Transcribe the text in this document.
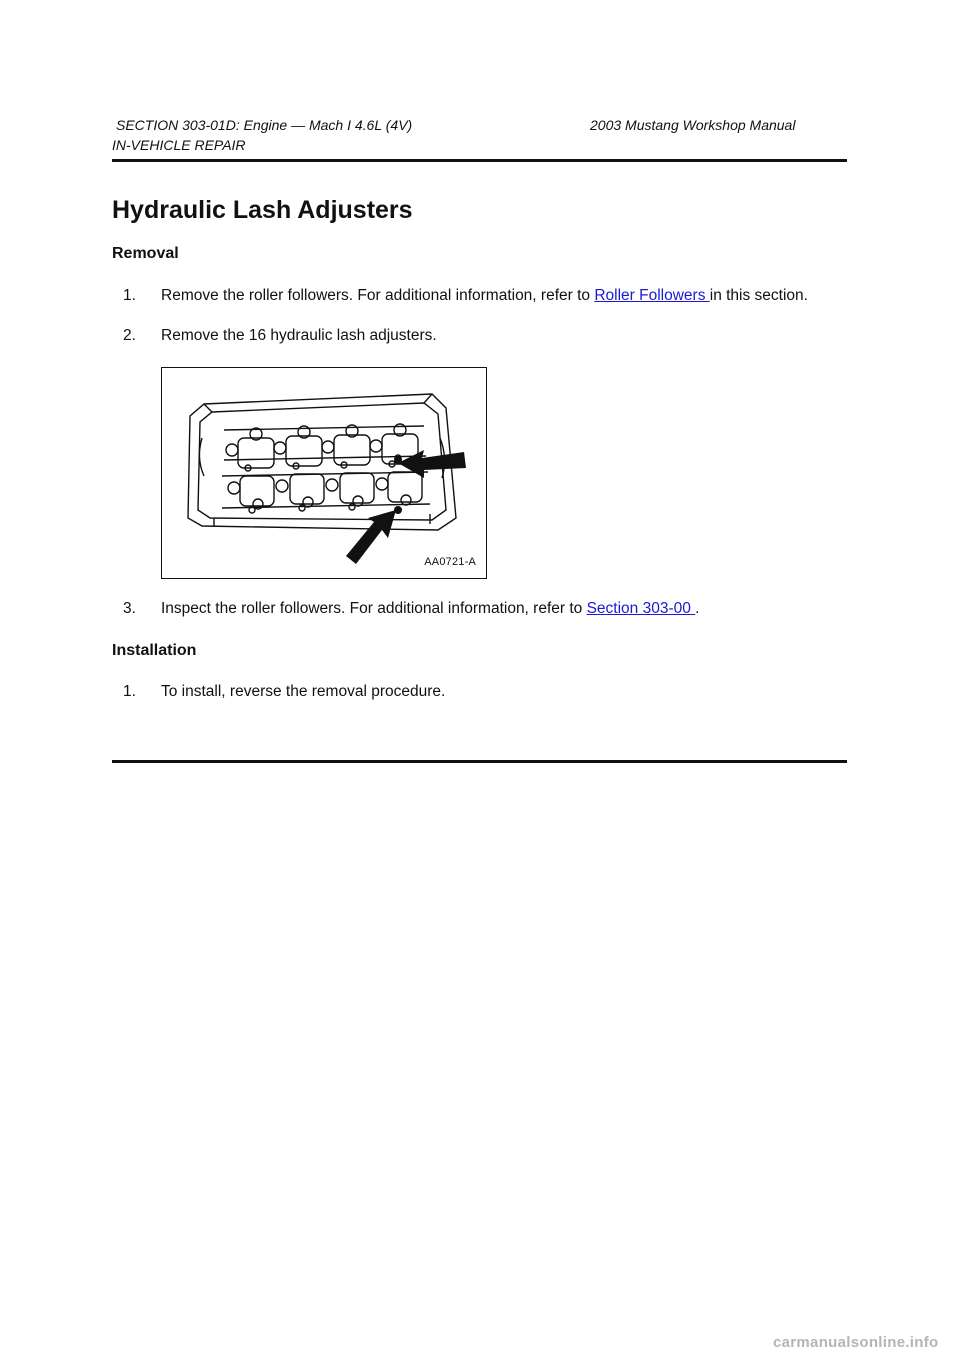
SECTION 303-01D: Engine — Mach I 4.6L (4V)	2003 Mustang Workshop Manual
IN-VEHICLE REPAIR
Hydraulic Lash Adjusters
Removal
1. Remove the roller followers. For additional information, refer to Roller Followers in this section.
2. Remove the 16 hydraulic lash adjusters.
AA0721-A
3. Inspect the roller followers. For additional information, refer to Section 303-00 .
Installation
1. To install, reverse the removal procedure.
carmanualsonline.info
